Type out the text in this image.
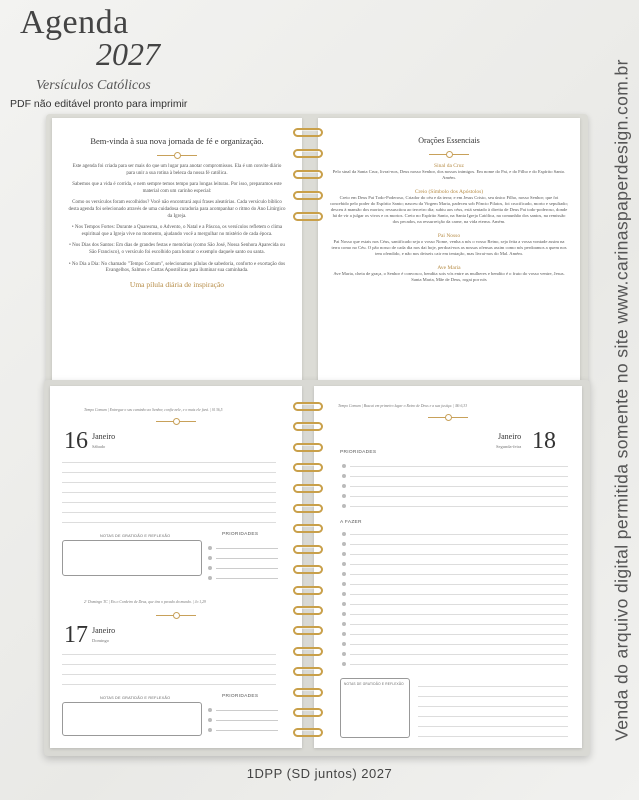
Agenda
2027
Versículos Católicos
PDF não editável pronto para imprimir	Venda do arquivo digital permitida somente no site www.carinaspaperdesign.com.br
Bem-vinda à sua nova jornada de fé e organização.
Este agenda foi criada para ser mais do que um lugar para anotar compromissos. Ela é um convite diário para unir a sua rotina à beleza da nossa fé católica.
Sabemos que a vida é corrida, e nem sempre temos tempo para longas leituras. Por isso, preparamos este material com um carinho especial:
Como os versículos foram escolhidos? Você não encontrará aqui frases aleatórias. Cada versículo bíblico desta agenda foi selecionado através de uma cuidadosa curadoria para acompanhar o ritmo do Ano Litúrgico da Igreja.
• Nos Tempos Fortes: Durante a Quaresma, o Advento, o Natal e a Páscoa, os versículos refletem o clima espiritual que a Igreja vive no momento, ajudando você a mergulhar no mistério de cada época.
• Nos Dias dos Santos: Em dias de grandes festas e memórias (como São José, Nossa Senhora Aparecida ou São Francisco), o versículo foi escolhido para honrar o exemplo daquele santo ou santa.
• No Dia a Dia: No chamado "Tempo Comum", selecionamos pílulas de sabedoria, conforto e exortação dos Evangelhos, Salmos e Cartas Apostólicas para iluminar sua caminhada.
Uma pílula diária de inspiração
Orações Essenciais
Sinal da Cruz
Pelo sinal da Santa Cruz, livrai-nos, Deus nosso Senhor, dos nossos inimigos. Em nome do Pai, e do Filho e do Espírito Santo. Amém.
Creio (Símbolo dos Apóstolos)
Creio em Deus Pai Todo-Poderoso, Criador do céu e da terra; e em Jesus Cristo, seu único Filho, nosso Senhor; que foi concebido pelo poder do Espírito Santo; nasceu da Virgem Maria, padeceu sob Pôncio Pilatos, foi crucificado, morto e sepultado; desceu à mansão dos mortos; ressuscitou ao terceiro dia; subiu aos céus, está sentado à direita de Deus Pai todo-poderoso, donde há de vir a julgar os vivos e os mortos. Creio no Espírito Santo, na Santa Igreja Católica, na comunhão dos santos, na remissão dos pecados, na ressurreição da carne, na vida eterna. Amém.
Pai Nosso
Pai Nosso que estais nos Céus, santificado seja o vosso Nome, venha a nós o vosso Reino, seja feita a vossa vontade assim na terra como no Céu. O pão nosso de cada dia nos dai hoje, perdoai-nos as nossas ofensas assim como nós perdoamos a quem nos tem ofendido, e não nos deixeis cair em tentação, mas livrai-nos do Mal. Amém.
Ave Maria
Ave Maria, cheia de graça, o Senhor é convosco, bendita sois vós entre as mulheres e bendito é o fruto do vosso ventre, Jesus. Santa Maria, Mãe de Deus, rogai por nós
Tempo Comum | Entregue o seu caminho ao Senhor, confie nele, e o mais ele fará. | Sl 36,5
16 Janeiro
Sábado
NOTAS DE GRATIDÃO E REFLEXÃO	PRIORIDADES
2º Domingo TC | Eis o Cordeiro de Deus, que tira o pecado do mundo. | Jo 1,29
17 Janeiro
Domingo
NOTAS DE GRATIDÃO E REFLEXÃO	PRIORIDADES
Tempo Comum | Buscai em primeiro lugar o Reino de Deus e a sua justiça. | Mt 6,33
18
Janeiro
Segunda-feira
PRIORIDADES
A FAZER
NOTAS DE GRATIDÃO E REFLEXÃO
1DPP (SD juntos) 2027
